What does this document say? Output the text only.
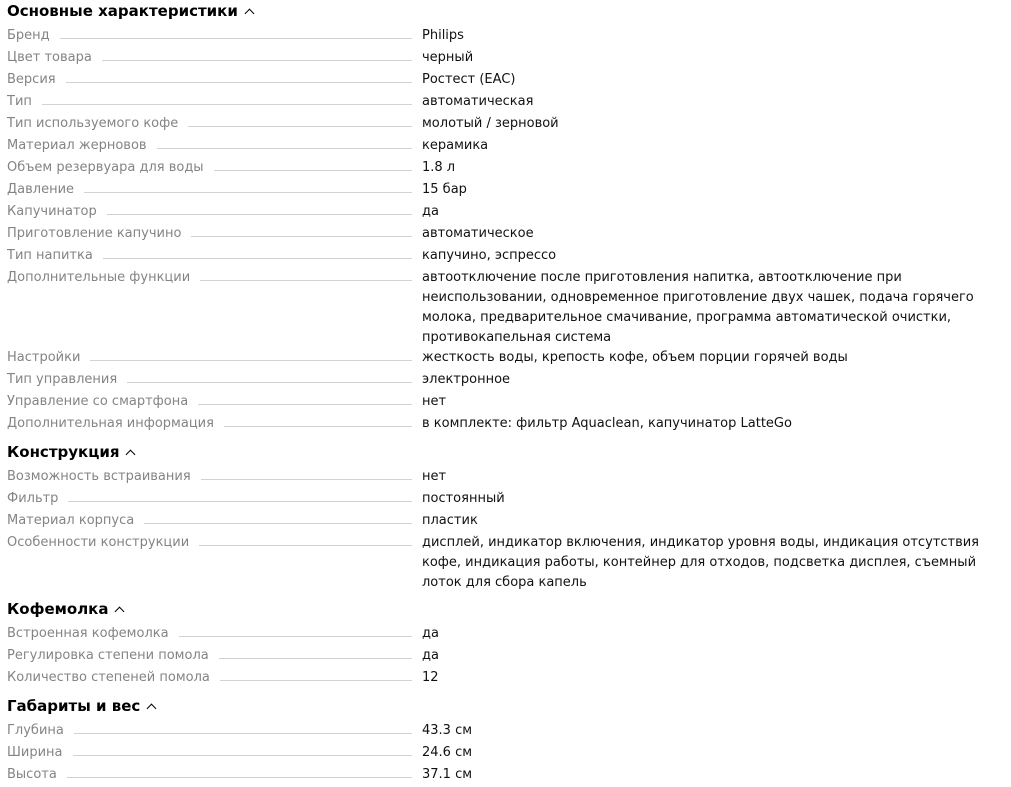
Основные характеристики
Бренд	Philips
Цвет товара	черный
Версия	Ростест (EAC)
Тип	автоматическая
Тип используемого кофе	молотый / зерновой
Материал жерновов	керамика
Объем резервуара для воды	1.8 л
Давление	15 бар
Капучинатор	да
Приготовление капучино	автоматическое
Тип напитка	капучино, эспрессо
Дополнительные функции	автоотключение после приготовления напитка, автоотключение при неиспользовании, одновременное приготовление двух чашек, подача горячего молока, предварительное смачивание, программа автоматической очистки, противокапельная система
Настройки	жесткость воды, крепость кофе, объем порции горячей воды
Тип управления	электронное
Управление со смартфона	нет
Дополнительная информация	в комплекте: фильтр Aquaclean, капучинатор LatteGo
Конструкция
Возможность встраивания	нет
Фильтр	постоянный
Материал корпуса	пластик
Особенности конструкции	дисплей, индикатор включения, индикатор уровня воды, индикация отсутствия кофе, индикация работы, контейнер для отходов, подсветка дисплея, съемный лоток для сбора капель
Кофемолка
Встроенная кофемолка	да
Регулировка степени помола	да
Количество степеней помола	12
Габариты и вес
Глубина	43.3 см
Ширина	24.6 см
Высота	37.1 см
